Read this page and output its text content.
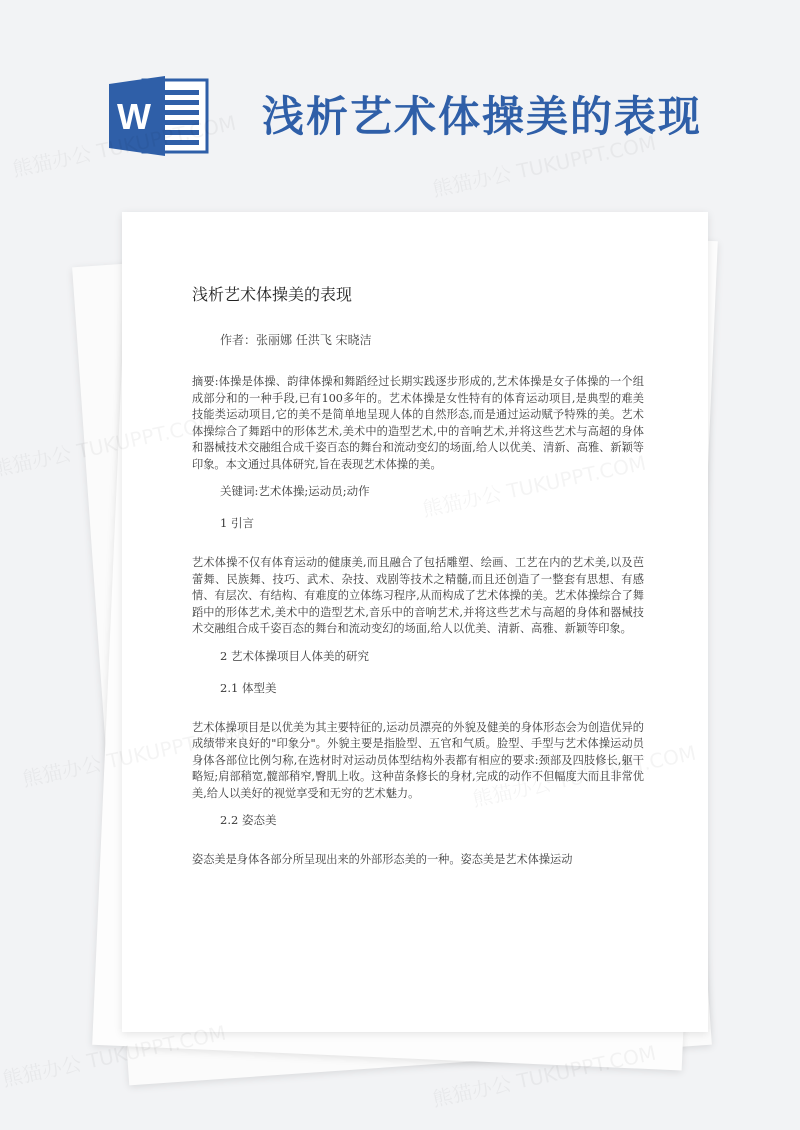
W	浅析艺术体操美的表现
浅析艺术体操美的表现
作者：张丽娜 任洪飞 宋晓洁

摘要:体操是体操、韵律体操和舞蹈经过长期实践逐步形成的,艺术体操是女子体操的一个组成部分和的一种手段,已有100多年的。艺术体操是女性特有的体育运动项目,是典型的难美技能类运动项目,它的美不是简单地呈现人体的自然形态,而是通过运动赋予特殊的美。艺术体操综合了舞蹈中的形体艺术,美术中的造型艺术,中的音响艺术,并将这些艺术与高超的身体和器械技术交融组合成千姿百态的舞台和流动变幻的场面,给人以优美、清新、高雅、新颖等印象。本文通过具体研究,旨在表现艺术体操的美。

关键词:艺术体操;运动员;动作
1 引言

艺术体操不仅有体育运动的健康美,而且融合了包括雕塑、绘画、工艺在内的艺术美,以及芭蕾舞、民族舞、技巧、武术、杂技、戏剧等技术之精髓,而且还创造了一整套有思想、有感情、有层次、有结构、有难度的立体练习程序,从而构成了艺术体操的美。艺术体操综合了舞蹈中的形体艺术,美术中的造型艺术,音乐中的音响艺术,并将这些艺术与高超的身体和器械技术交融组合成千姿百态的舞台和流动变幻的场面,给人以优美、清新、高雅、新颖等印象。

2 艺术体操项目人体美的研究
2.1 体型美

艺术体操项目是以优美为其主要特征的,运动员漂亮的外貌及健美的身体形态会为创造优异的成绩带来良好的"印象分"。外貌主要是指脸型、五官和气质。脸型、手型与艺术体操运动员身体各部位比例匀称,在选材时对运动员体型结构外表都有相应的要求:颈部及四肢修长,躯干略短;肩部稍宽,髋部稍窄,臀肌上收。这种苗条修长的身材,完成的动作不但幅度大而且非常优美,给人以美好的视觉享受和无穷的艺术魅力。

2.2 姿态美

姿态美是身体各部分所呈现出来的外部形态美的一种。姿态美是艺术体操运动
